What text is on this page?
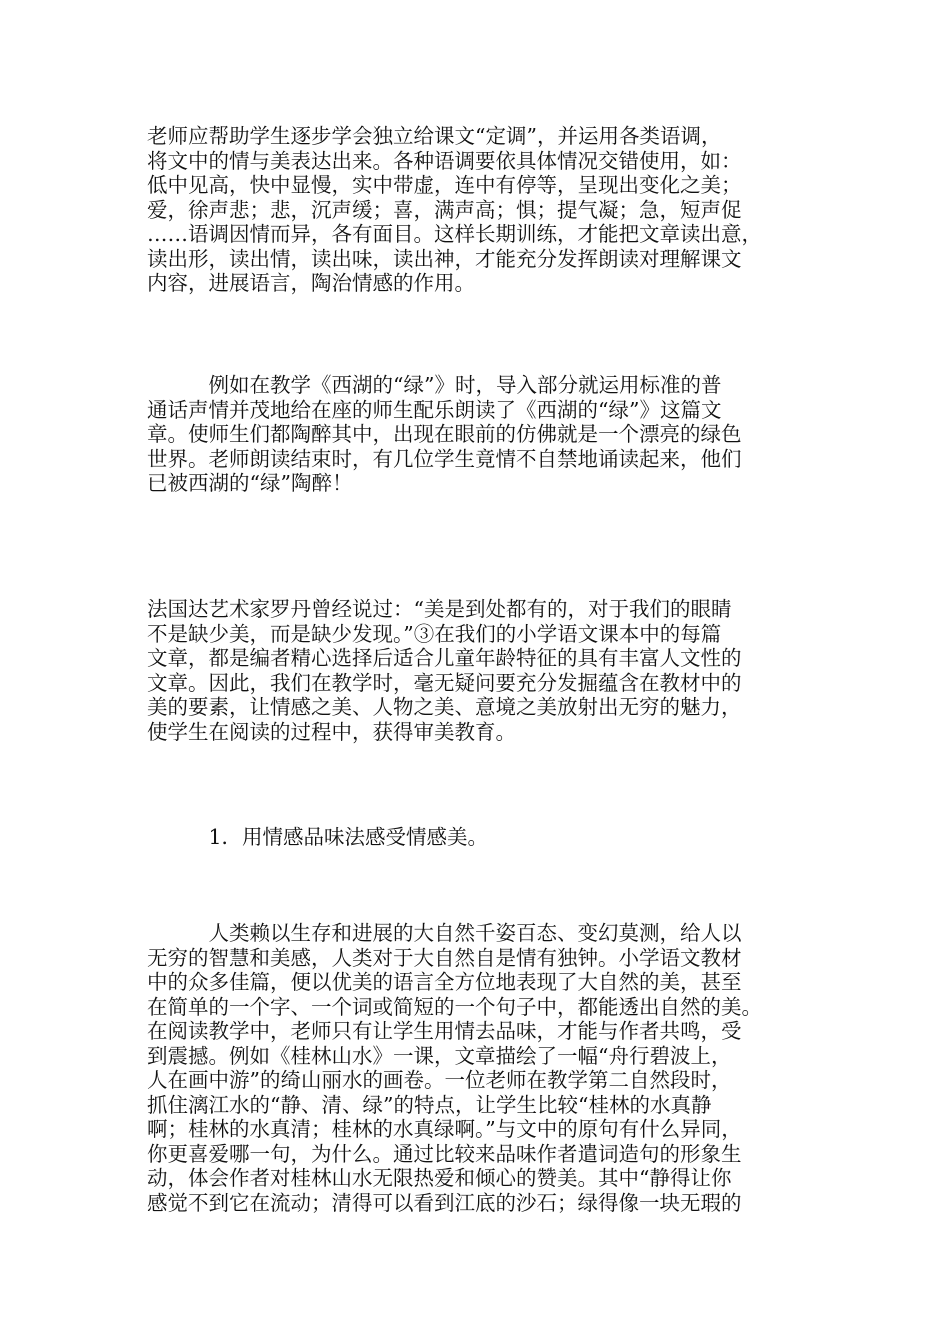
老师应帮助学生逐步学会独立给课文“定调”，并运用各类语调，
将文中的情与美表达出来。各种语调要依具体情况交错使用，如：
低中见高，快中显慢，实中带虚，连中有停等，呈现出变化之美；
爱，徐声悲；悲，沉声缓；喜，满声高；惧；提气凝；急，短声促
……语调因情而异，各有面目。这样长期训练，才能把文章读出意，
读出形，读出情，读出味，读出神，才能充分发挥朗读对理解课文
内容，进展语言，陶治情感的作用。
　　　例如在教学《西湖的“绿”》时，导入部分就运用标准的普
通话声情并茂地给在座的师生配乐朗读了《西湖的“绿”》这篇文
章。使师生们都陶醉其中，出现在眼前的仿佛就是一个漂亮的绿色
世界。老师朗读结束时，有几位学生竟情不自禁地诵读起来，他们
已被西湖的“绿”陶醉！
法国达艺术家罗丹曾经说过：“美是到处都有的，对于我们的眼睛
不是缺少美，而是缺少发现。”③在我们的小学语文课本中的每篇
文章，都是编者精心选择后适合儿童年龄特征的具有丰富人文性的
文章。因此，我们在教学时，毫无疑问要充分发掘蕴含在教材中的
美的要素，让情感之美、人物之美、意境之美放射出无穷的魅力，
使学生在阅读的过程中，获得审美教育。
　　　1．用情感品味法感受情感美。
　　　人类赖以生存和进展的大自然千姿百态、变幻莫测，给人以
无穷的智慧和美感，人类对于大自然自是情有独钟。小学语文教材
中的众多佳篇，便以优美的语言全方位地表现了大自然的美，甚至
在简单的一个字、一个词或简短的一个句子中，都能透出自然的美。
在阅读教学中，老师只有让学生用情去品味，才能与作者共鸣，受
到震撼。例如《桂林山水》一课，文章描绘了一幅“舟行碧波上，
人在画中游”的绮山丽水的画卷。一位老师在教学第二自然段时，
抓住漓江水的“静、清、绿”的特点，让学生比较“桂林的水真静
啊；桂林的水真清；桂林的水真绿啊。”与文中的原句有什么异同，
你更喜爱哪一句，为什么。通过比较来品味作者遣词造句的形象生
动，体会作者对桂林山水无限热爱和倾心的赞美。其中“静得让你
感觉不到它在流动；清得可以看到江底的沙石；绿得像一块无瑕的
